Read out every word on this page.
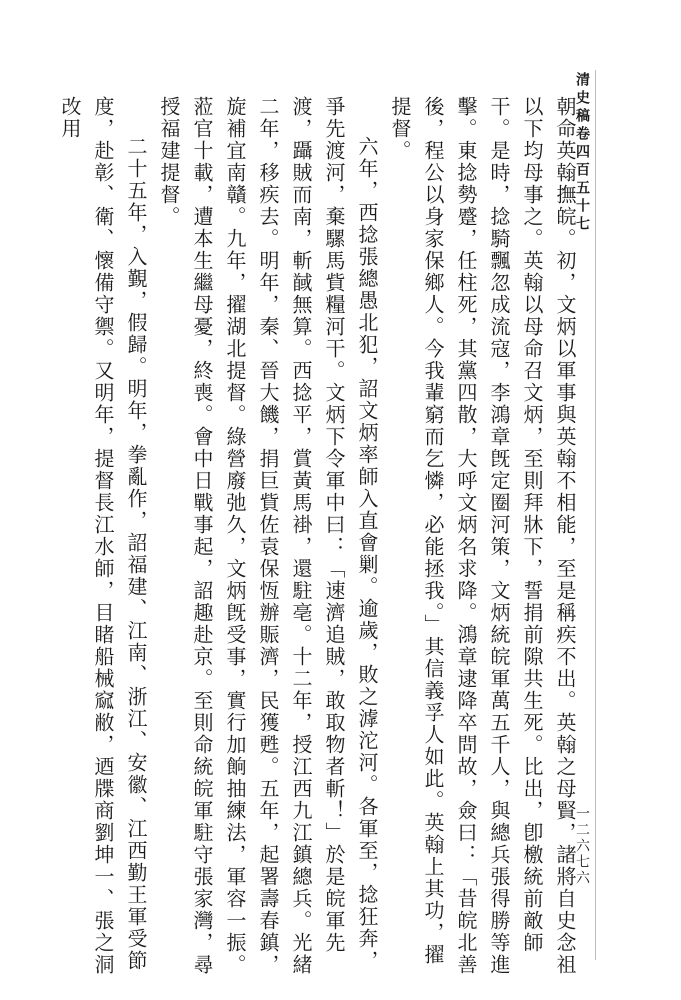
清史稿卷四百五十七
一二六七六

朝命英翰撫皖。初，文炳以軍事與英翰不相能，至是稱疾不出。英翰之母賢，諸將自史念祖以下均母事之。英翰以母命召文炳，至則拜牀下，誓捐前隙共生死。比出，卽檄統前敵師干。是時，捻騎飄忽成流寇，李鴻章旣定圈河策，文炳統皖軍萬五千人，與總兵張得勝等進擊。東捻勢蹙，任柱死，其黨四散，大呼文炳名求降。鴻章逮降卒問故，僉曰：「昔皖北善後，程公以身家保鄉人。今我輩窮而乞憐，必能拯我。」其信義孚人如此。英翰上其功，擢提督。

六年，西捻張總愚北犯，詔文炳率師入直會剿。逾歲，敗之滹沱河。各軍至，捻狂奔，爭先渡河，棄騾馬貲糧河干。文炳下令軍中曰：「速濟追賊，敢取物者斬！」於是皖軍先渡，躡賊而南，斬馘無算。西捻平，賞黃馬褂，還駐亳。十二年，授江西九江鎮總兵。光緒二年，移疾去。明年，秦、晉大饑，捐巨貲佐袁保恆辦賑濟，民獲甦。五年，起署壽春鎮，旋補宜南贛。九年，擢湖北提督。綠營廢弛久，文炳旣受事，實行加餉抽練法，軍容一振。蒞官十載，遭本生繼母憂，終喪。會中日戰事起，詔趣赴京。至則命統皖軍駐守張家灣，尋授福建提督。

二十五年，入覲，假歸。明年，拳亂作，詔福建、江南、浙江、安徽、江西勤王軍受節度，赴彰、衛、懷備守禦。又明年，提督長江水師，目睹船械窳敝，迺牒商劉坤一、張之洞改用
